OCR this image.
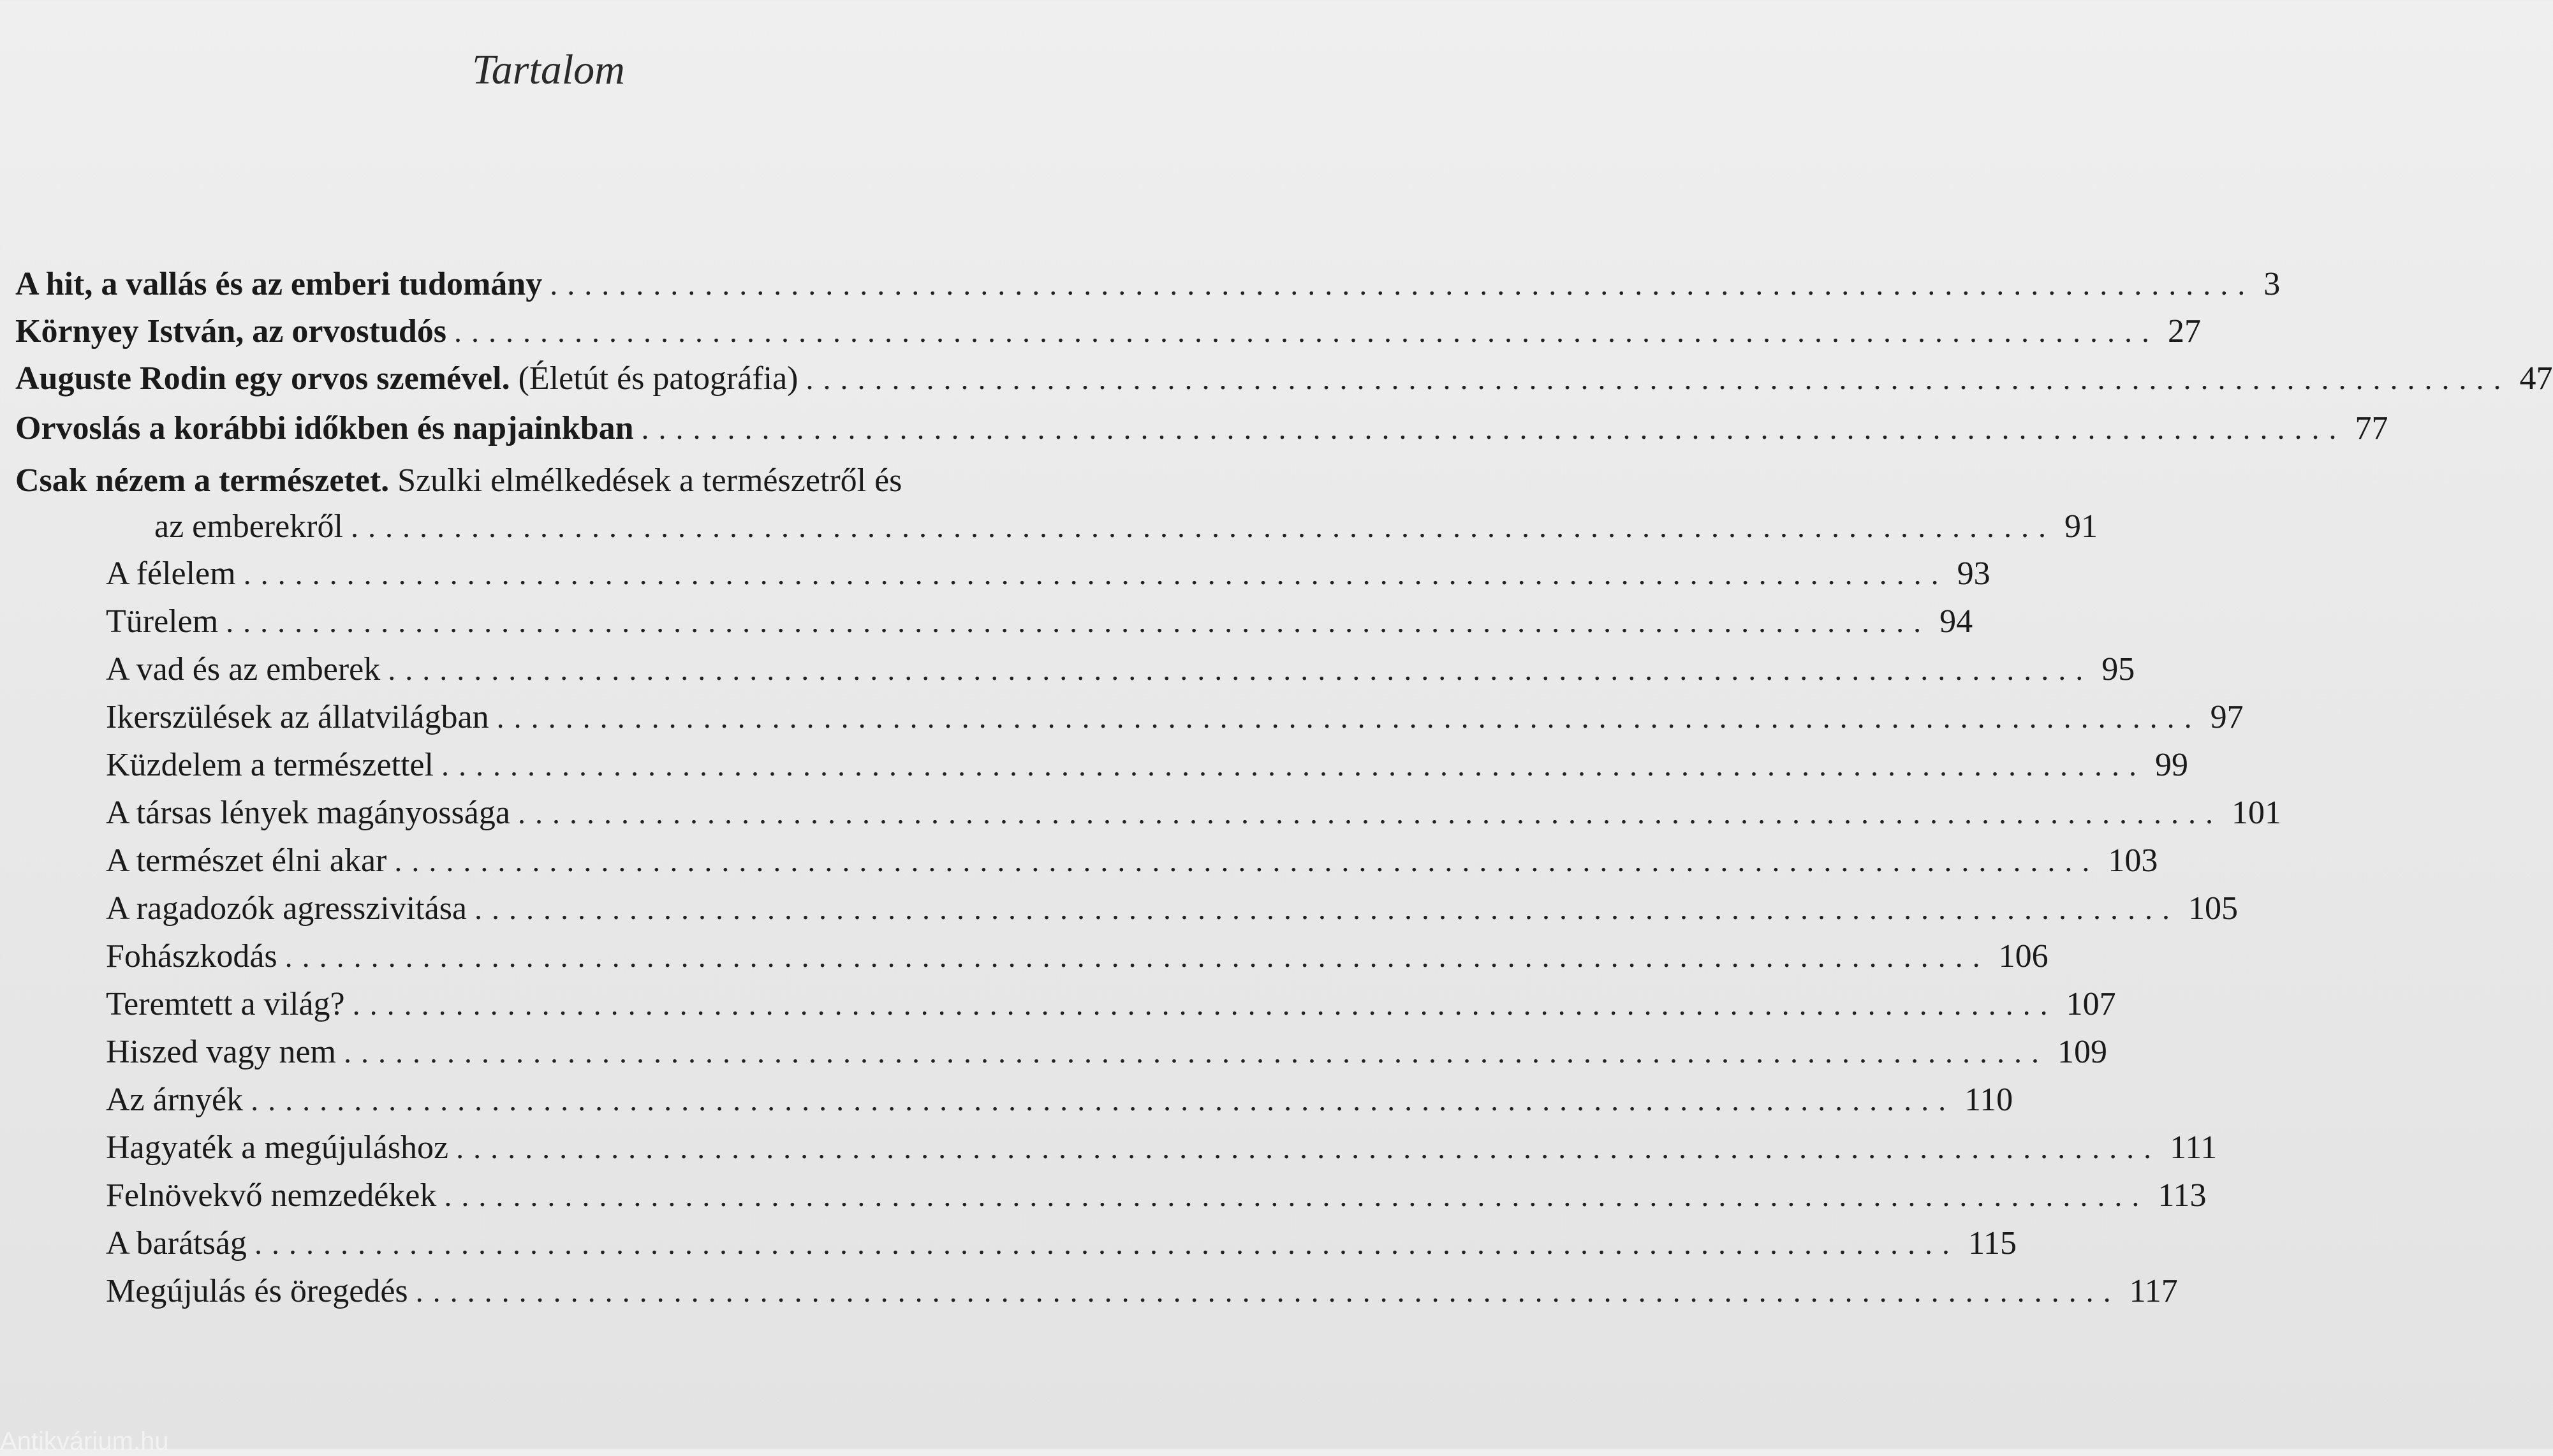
Tartalom
A hit, a vallás és az emberi tudomány ................................................................................................... 3
Környey István, az orvostudós ................................................................................................... 27
Auguste Rodin egy orvos szemével. (Életút és patográfia) ................................................................................................... 47
Orvoslás a korábbi időkben és napjainkban ................................................................................................... 77
Csak nézem a természetet. Szulki elmélkedések a természetről és
az emberekről ................................................................................................... 91
A félelem ................................................................................................... 93
Türelem ................................................................................................... 94
A vad és az emberek ................................................................................................... 95
Ikerszülések az állatvilágban ................................................................................................... 97
Küzdelem a természettel ................................................................................................... 99
A társas lények magányossága ................................................................................................... 101
A természet élni akar ................................................................................................... 103
A ragadozók agresszivitása ................................................................................................... 105
Fohászkodás ................................................................................................... 106
Teremtett a világ? ................................................................................................... 107
Hiszed vagy nem ................................................................................................... 109
Az árnyék ................................................................................................... 110
Hagyaték a megújuláshoz ................................................................................................... 111
Felnövekvő nemzedékek ................................................................................................... 113
A barátság ................................................................................................... 115
Megújulás és öregedés ................................................................................................... 117
Antikvárium.hu
